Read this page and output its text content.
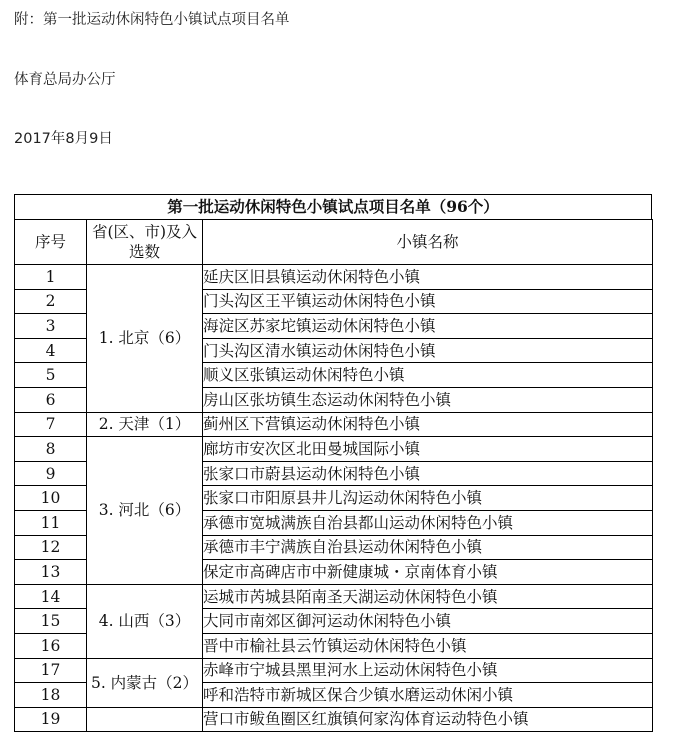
附：第一批运动休闲特色小镇试点项目名单
体育总局办公厅
2017年8月9日
第一批运动休闲特色小镇试点项目名单（96个）
序号	省(区、市)及入选数	小镇名称
1	1. 北京（6）	延庆区旧县镇运动休闲特色小镇
2		门头沟区王平镇运动休闲特色小镇
3		海淀区苏家坨镇运动休闲特色小镇
4		门头沟区清水镇运动休闲特色小镇
5		顺义区张镇运动休闲特色小镇
6		房山区张坊镇生态运动休闲特色小镇
7	2. 天津（1）	蓟州区下营镇运动休闲特色小镇
8	3. 河北（6）	廊坊市安次区北田曼城国际小镇
9		张家口市蔚县运动休闲特色小镇
10		张家口市阳原县井儿沟运动休闲特色小镇
11		承德市宽城满族自治县都山运动休闲特色小镇
12		承德市丰宁满族自治县运动休闲特色小镇
13		保定市高碑店市中新健康城・京南体育小镇
14	4. 山西（3）	运城市芮城县陌南圣天湖运动休闲特色小镇
15		大同市南郊区御河运动休闲特色小镇
16		晋中市榆社县云竹镇运动休闲特色小镇
17	5. 内蒙古（2）	赤峰市宁城县黑里河水上运动休闲特色小镇
18		呼和浩特市新城区保合少镇水磨运动休闲小镇
19		营口市鲅鱼圈区红旗镇何家沟体育运动特色小镇
